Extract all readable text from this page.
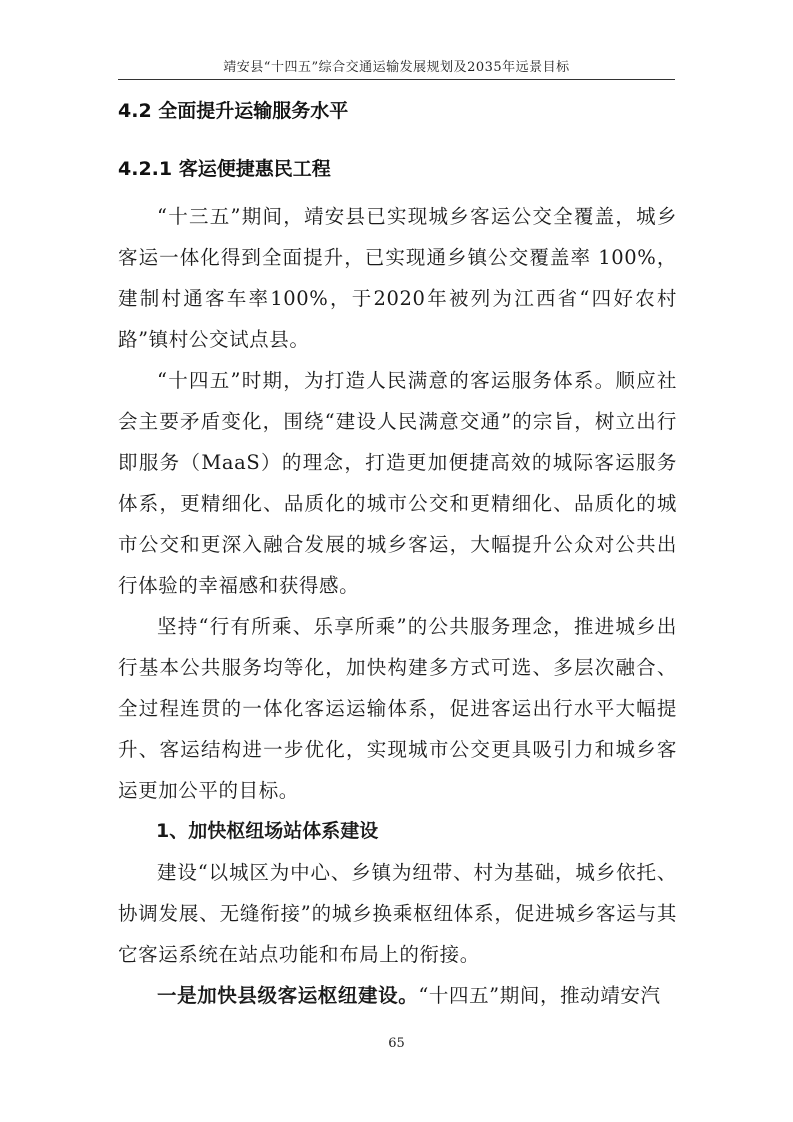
靖安县“十四五”综合交通运输发展规划及2035年远景目标
4.2 全面提升运输服务水平
4.2.1 客运便捷惠民工程

“十三五”期间，靖安县已实现城乡客运公交全覆盖，城乡客运一体化得到全面提升，已实现通乡镇公交覆盖率 100%，建制村通客车率100%，于2020年被列为江西省“四好农村路”镇村公交试点县。

“十四五”时期，为打造人民满意的客运服务体系。顺应社会主要矛盾变化，围绕“建设人民满意交通”的宗旨，树立出行即服务（MaaS）的理念，打造更加便捷高效的城际客运服务体系，更精细化、品质化的城市公交和更精细化、品质化的城市公交和更深入融合发展的城乡客运，大幅提升公众对公共出行体验的幸福感和获得感。

坚持“行有所乘、乐享所乘”的公共服务理念，推进城乡出行基本公共服务均等化，加快构建多方式可选、多层次融合、全过程连贯的一体化客运运输体系，促进客运出行水平大幅提升、客运结构进一步优化，实现城市公交更具吸引力和城乡客运更加公平的目标。

1、加快枢纽场站体系建设

建设“以城区为中心、乡镇为纽带、村为基础，城乡依托、协调发展、无缝衔接”的城乡换乘枢纽体系，促进城乡客运与其它客运系统在站点功能和布局上的衔接。

一是加快县级客运枢纽建设。“十四五”期间，推动靖安汽

65
